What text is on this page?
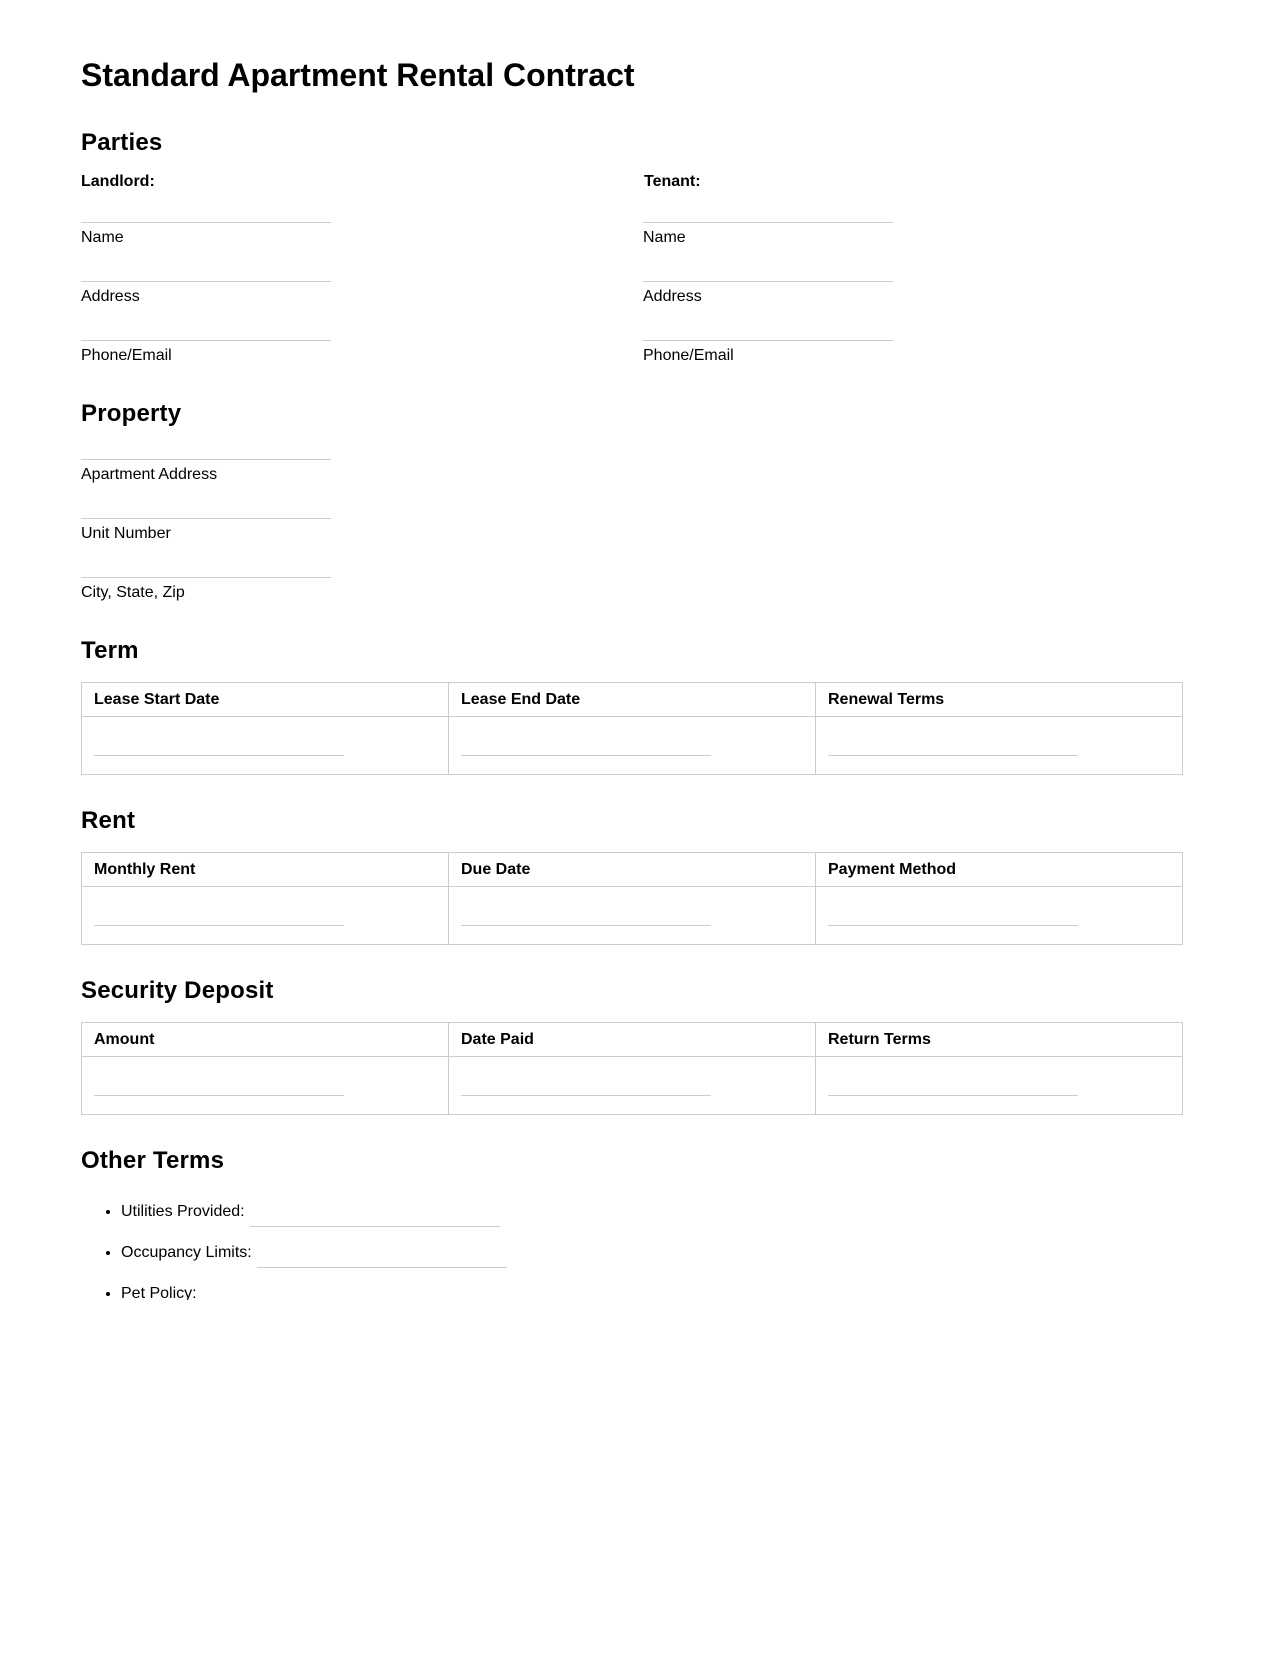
Standard Apartment Rental Contract
Parties
Landlord:
Name
Address
Phone/Email
Tenant:
Name
Address
Phone/Email
Property
Apartment Address
Unit Number
City, State, Zip
Term
Lease Start Date	Lease End Date	Renewal Terms

Rent
Monthly Rent	Due Date	Payment Method

Security Deposit
Amount	Date Paid	Return Terms

Other Terms
• Utilities Provided:
• Occupancy Limits:
• Pet Policy:
